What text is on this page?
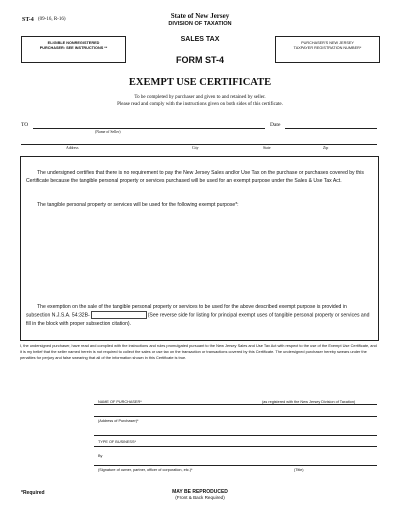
ST-4 (09-16, R-16)	State of New Jersey
DIVISION OF TAXATION
SALES TAX
FORM ST-4
ELIGIBLE NONREGISTERED
PURCHASER: SEE INSTRUCTIONS **
PURCHASER'S NEW JERSEY
TAXPAYER REGISTRATION NUMBER*
EXEMPT USE CERTIFICATE
To be completed by purchaser and given to and retained by seller.
Please read and comply with the instructions given on both sides of this certificate.
TO	Date
(Name of Seller)
Address	City	State	Zip
The undersigned certifies that there is no requirement to pay the New Jersey Sales and/or Use Tax on the purchase or purchases covered by this Certificate because the tangible personal property or services purchased will be used for an exempt purpose under the Sales & Use Tax Act.
The tangible personal property or services will be used for the following exempt purpose*:
The exemption on the sale of the tangible personal property or services to be used for the above described exempt purpose is provided in subsection N.J.S.A. 54:32B-	(See reverse side for listing for principal exempt uses of tangible personal property or services and fill in the block with proper subsection citation).
I, the undersigned purchaser, have read and complied with the instructions and rules promulgated pursuant to the New Jersey Sales and Use Tax Act with respect to the use of the Exempt Use Certificate, and it is my belief that the seller named herein is not required to collect the sales or use tax on the transaction or transactions covered by this Certificate. The undersigned purchaser hereby swears under the penalties for perjury and false swearing that all of the information shown in this Certificate is true.
NAME OF PURCHASER*	(as registered with the New Jersey Division of Taxation)
(Address of Purchaser)*
TYPE OF BUSINESS*
By
(Signature of owner, partner, officer of corporation, etc.)*	(Title)
*Required	MAY BE REPRODUCED
(Front & Back Required)
